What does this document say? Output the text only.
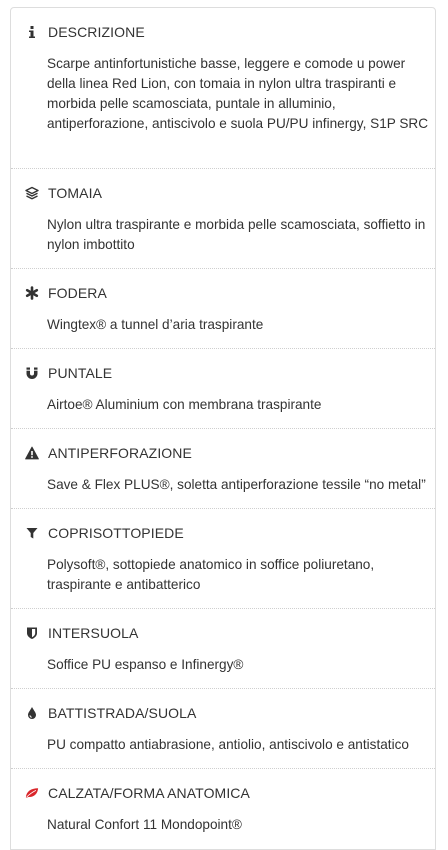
DESCRIZIONE
Scarpe antinfortunistiche basse, leggere e comode u power della linea Red Lion, con tomaia in nylon ultra traspiranti e morbida pelle scamosciata, puntale in alluminio, antiperforazione, antiscivolo e suola PU/PU infinergy, S1P SRC
TOMAIA
Nylon ultra traspirante e morbida pelle scamosciata, soffietto in nylon imbottito
FODERA
Wingtex® a tunnel d’aria traspirante
PUNTALE
Airtoe® Aluminium con membrana traspirante
ANTIPERFORAZIONE
Save & Flex PLUS®, soletta antiperforazione tessile “no metal”
COPRISOTTOPIEDE
Polysoft®, sottopiede anatomico in soffice poliuretano, traspirante e antibatterico
INTERSUOLA
Soffice PU espanso e Infinergy®
BATTISTRADA/SUOLA
PU compatto antiabrasione, antiolio, antiscivolo e antistatico
CALZATA/FORMA ANATOMICA
Natural Confort 11 Mondopoint®
